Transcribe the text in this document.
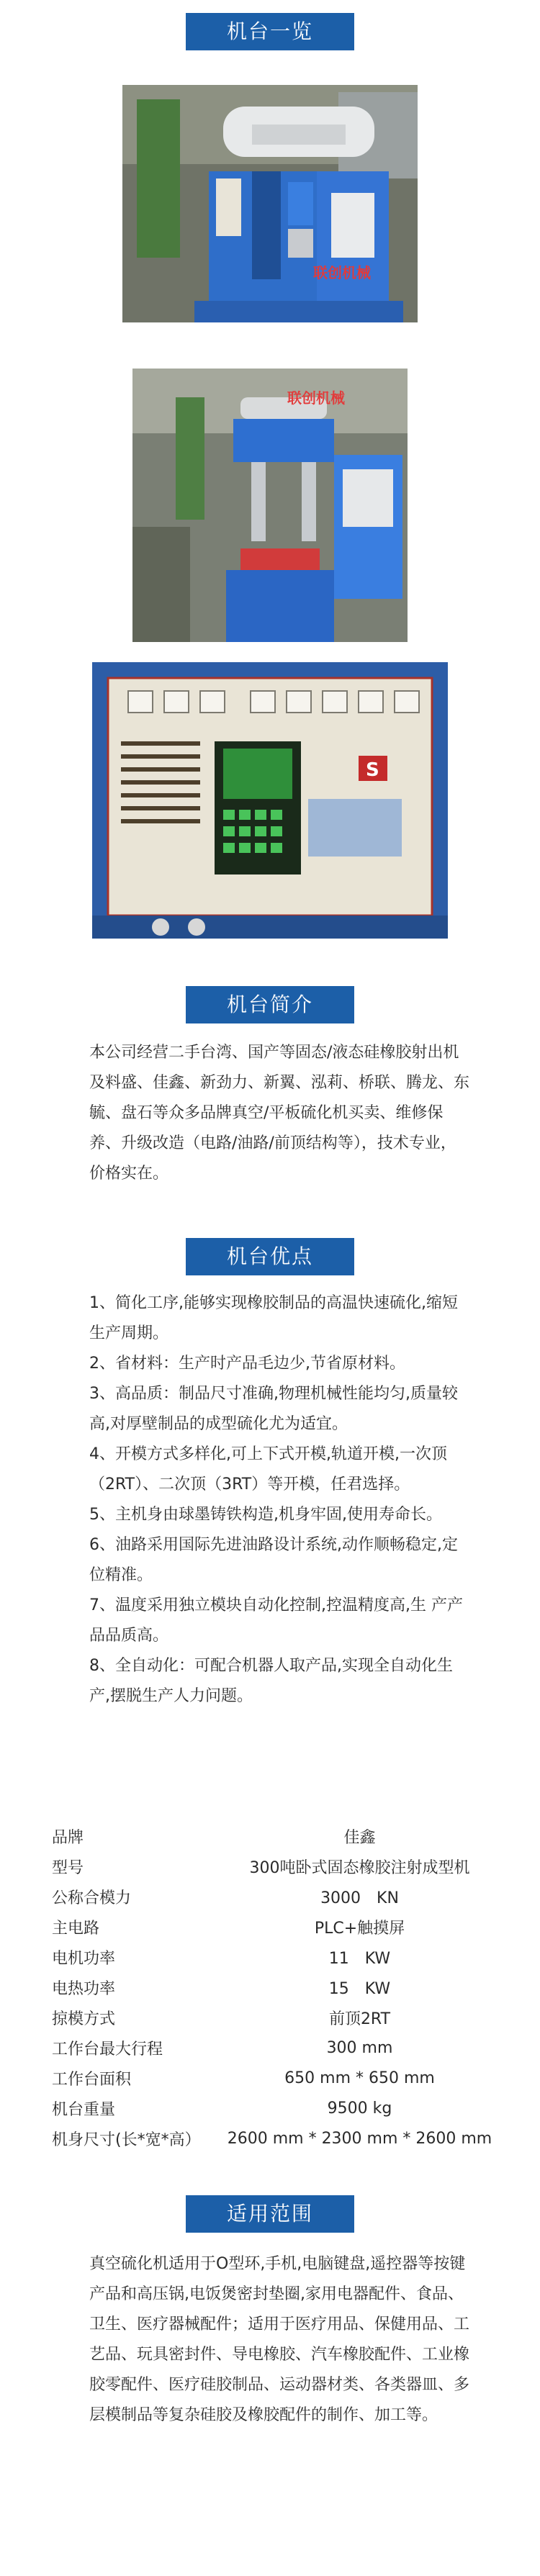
机台一览
联创机械
联创机械
S
机台简介

本公司经营二手台湾、国产等固态/液态硅橡胶射出机及料盛、佳鑫、新劲力、新翼、泓莉、桥联、腾龙、东毓、盘石等众多品牌真空/平板硫化机买卖、维修保养、升级改造（电路/油路/前顶结构等），技术专业，价格实在。

机台优点

1、简化工序,能够实现橡胶制品的高温快速硫化,缩短生产周期。

2、省材料：生产时产品毛边少,节省原材料。

3、高品质：制品尺寸准确,物理机械性能均匀,质量较高,对厚壁制品的成型硫化尤为适宜。

4、开模方式多样化,可上下式开模,轨道开模,一次顶（2RT）、二次顶（3RT）等开模，任君选择。

5、主机身由球墨铸铁构造,机身牢固,使用寿命长。

6、油路采用国际先进油路设计系统,动作顺畅稳定,定位精准。

7、温度采用独立模块自动化控制,控温精度高,生 产产品品质高。

8、全自动化：可配合机器人取产品,实现全自动化生产,摆脱生产人力问题。

品牌	佳鑫
型号	300吨卧式固态橡胶注射成型机
公称合模力	3000　KN
主电路	PLC+触摸屏
电机功率	11　KW
电热功率	15　KW
掠模方式	前顶2RT
工作台最大行程	300 mm
工作台面积	650 mm * 650 mm
机台重量	9500 kg
机身尺寸(长*宽*高）	2600 mm * 2300 mm * 2600 mm
适用范围

真空硫化机适用于O型环,手机,电脑键盘,遥控器等按键产品和高压锅,电饭煲密封垫圈,家用电器配件、食品、卫生、医疗器械配件；适用于医疗用品、保健用品、工艺品、玩具密封件、导电橡胶、汽车橡胶配件、工业橡胶零配件、医疗硅胶制品、运动器材类、各类器皿、多层模制品等复杂硅胶及橡胶配件的制作、加工等。
